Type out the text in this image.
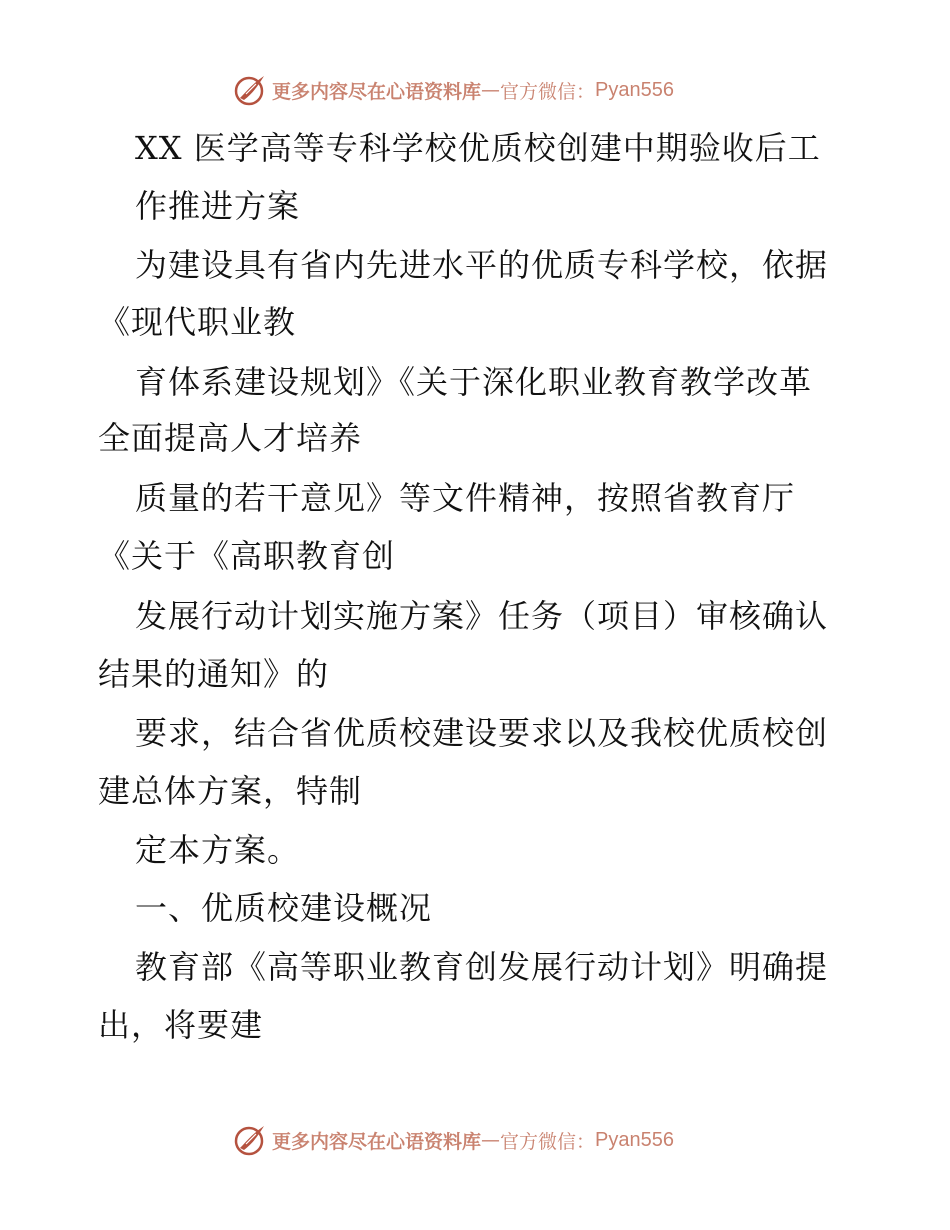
更多内容尽在心语资料库 — 官方微信： Pyan556
XX 医学高等专科学校优质校创建中期验收后工
作推进方案
为建设具有省内先进水平的优质专科学校，依据
《现代职业教
育体系建设规划》《关于深化职业教育教学改革
全面提高人才培养
质量的若干意见》等文件精神，按照省教育厅
《关于《高职教育创
发展行动计划实施方案》任务（项目）审核确认
结果的通知》的
要求，结合省优质校建设要求以及我校优质校创
建总体方案，特制
定本方案。
一、优质校建设概况
教育部《高等职业教育创发展行动计划》明确提
出，将要建
更多内容尽在心语资料库 — 官方微信： Pyan556
